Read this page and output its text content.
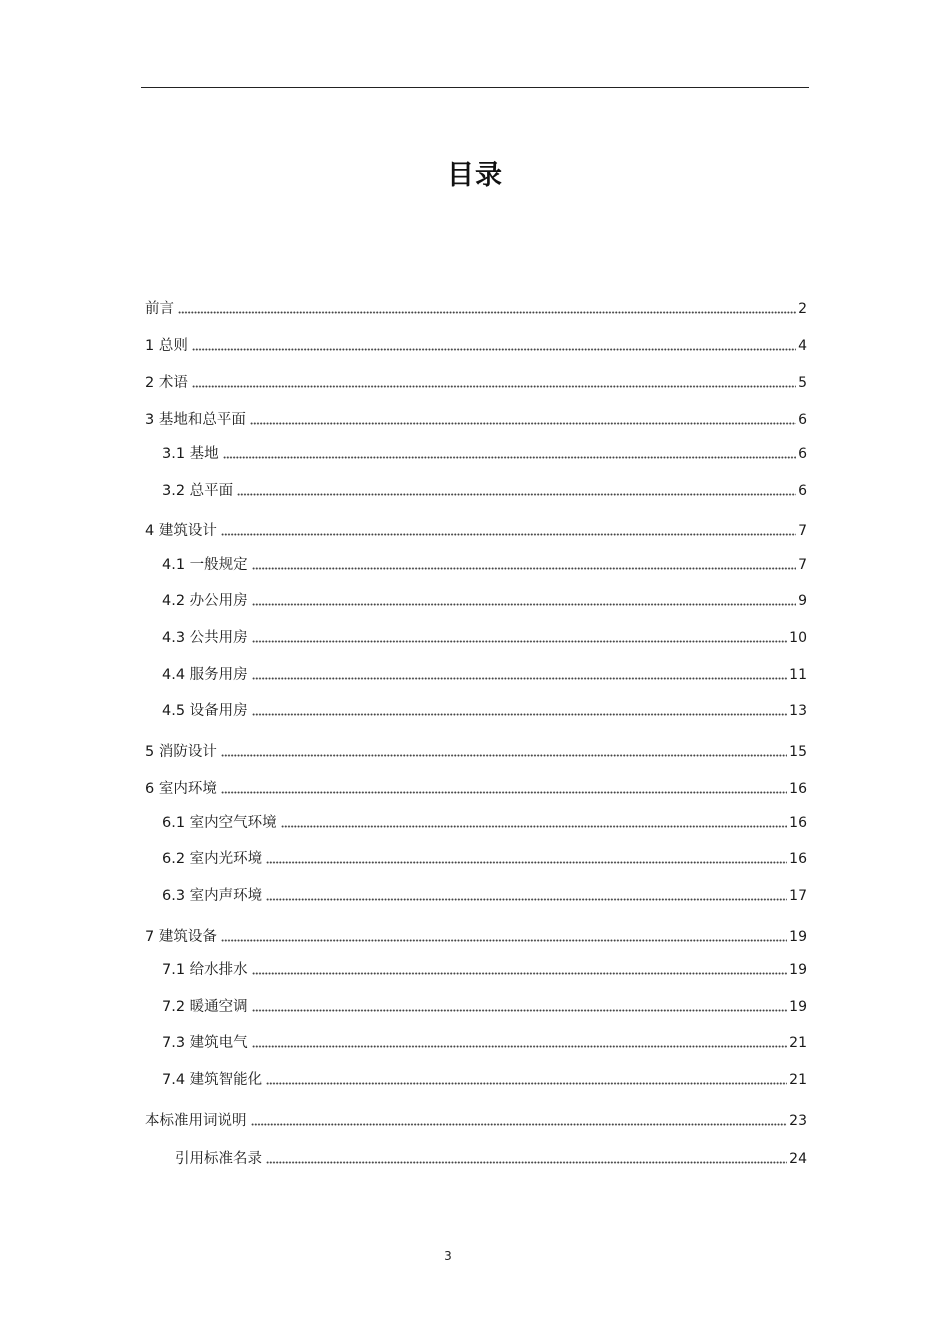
目录
前言	2
1 总则	4
2 术语	5
3 基地和总平面	6
3.1 基地	6
3.2 总平面	6
4 建筑设计	7
4.1 一般规定	7
4.2 办公用房	9
4.3 公共用房	10
4.4 服务用房	11
4.5 设备用房	13
5 消防设计	15
6 室内环境	16
6.1 室内空气环境	16
6.2 室内光环境	16
6.3 室内声环境	17
7 建筑设备	19
7.1 给水排水	19
7.2 暖通空调	19
7.3 建筑电气	21
7.4 建筑智能化	21
本标准用词说明	23
引用标准名录	24
3
